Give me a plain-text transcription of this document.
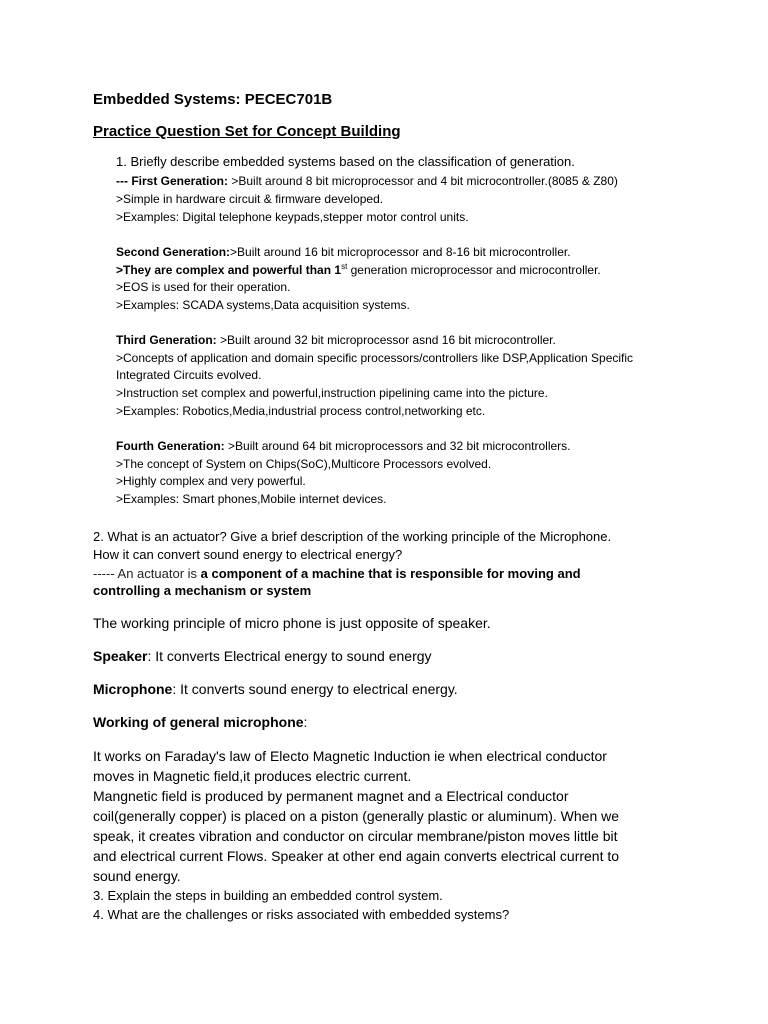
Embedded Systems: PECEC701B
Practice Question Set for Concept Building
1. Briefly describe embedded systems based on the classification of generation.
--- First Generation: >Built around 8 bit microprocessor and 4 bit microcontroller.(8085 & Z80)
>Simple in hardware circuit & firmware developed.
>Examples: Digital telephone keypads,stepper motor control units.
Second Generation:>Built around 16 bit microprocessor and 8-16 bit microcontroller.
>They are complex and powerful than 1st generation microprocessor and microcontroller.
>EOS is used for their operation.
>Examples: SCADA systems,Data acquisition systems.
Third Generation: >Built around 32 bit microprocessor asnd 16 bit microcontroller.
>Concepts of application and domain specific processors/controllers like DSP,Application Specific
Integrated Circuits evolved.
>Instruction set complex and powerful,instruction pipelining came into the picture.
>Examples: Robotics,Media,industrial process control,networking etc.
Fourth Generation: >Built around 64 bit microprocessors and 32 bit microcontrollers.
>The concept of System on Chips(SoC),Multicore Processors evolved.
>Highly complex and very powerful.
>Examples: Smart phones,Mobile internet devices.
2. What is an actuator? Give a brief description of the working principle of the Microphone.
How it can convert sound energy to electrical energy?
----- An actuator is a component of a machine that is responsible for moving and
controlling a mechanism or system
The working principle of micro phone is just opposite of speaker.
Speaker: It converts Electrical energy to sound energy
Microphone: It converts sound energy to electrical energy.
Working of general microphone:
It works on Faraday's law of Electo Magnetic Induction ie when electrical conductor
moves in Magnetic field,it produces electric current.
Mangnetic field is produced by permanent magnet and a Electrical conductor
coil(generally copper) is placed on a piston (generally plastic or aluminum). When we
speak, it creates vibration and conductor on circular membrane/piston moves little bit
and electrical current Flows. Speaker at other end again converts electrical current to
sound energy.
3. Explain the steps in building an embedded control system.
4. What are the challenges or risks associated with embedded systems?
